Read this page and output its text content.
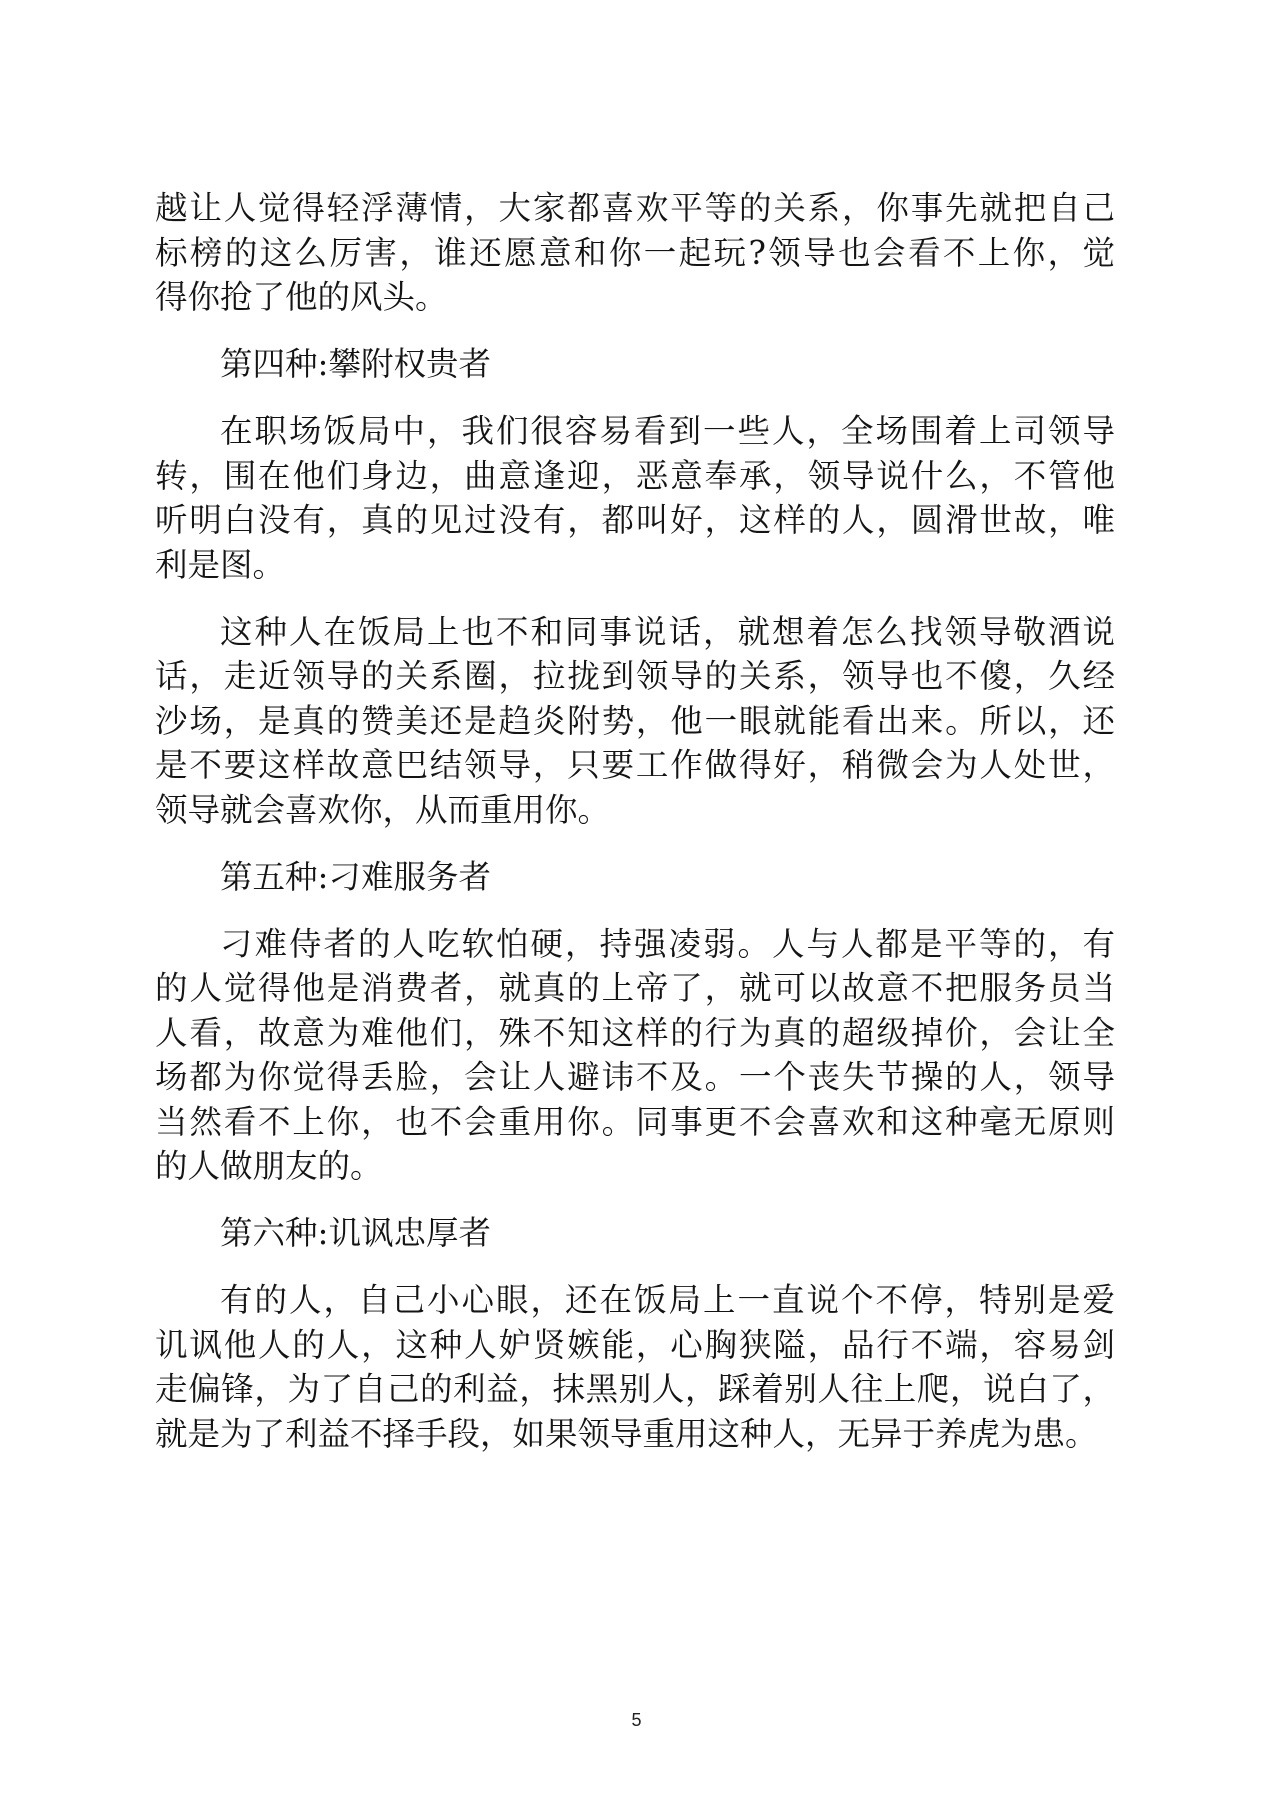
越让人觉得轻浮薄情，大家都喜欢平等的关系，你事先就把自己
标榜的这么厉害，谁还愿意和你一起玩?领导也会看不上你，觉
得你抢了他的风头。
第四种:攀附权贵者
在职场饭局中，我们很容易看到一些人，全场围着上司领导
转，围在他们身边，曲意逢迎，恶意奉承，领导说什么，不管他
听明白没有，真的见过没有，都叫好，这样的人，圆滑世故，唯
利是图。
这种人在饭局上也不和同事说话，就想着怎么找领导敬酒说
话，走近领导的关系圈，拉拢到领导的关系，领导也不傻，久经
沙场，是真的赞美还是趋炎附势，他一眼就能看出来。所以，还
是不要这样故意巴结领导，只要工作做得好，稍微会为人处世，
领导就会喜欢你，从而重用你。
第五种:刁难服务者
刁难侍者的人吃软怕硬，持强凌弱。人与人都是平等的，有
的人觉得他是消费者，就真的上帝了，就可以故意不把服务员当
人看，故意为难他们，殊不知这样的行为真的超级掉价，会让全
场都为你觉得丢脸，会让人避讳不及。一个丧失节操的人，领导
当然看不上你，也不会重用你。同事更不会喜欢和这种毫无原则
的人做朋友的。
第六种:讥讽忠厚者
有的人，自己小心眼，还在饭局上一直说个不停，特别是爱
讥讽他人的人，这种人妒贤嫉能，心胸狭隘，品行不端，容易剑
走偏锋，为了自己的利益，抹黑别人，踩着别人往上爬，说白了，
就是为了利益不择手段，如果领导重用这种人，无异于养虎为患。
5
